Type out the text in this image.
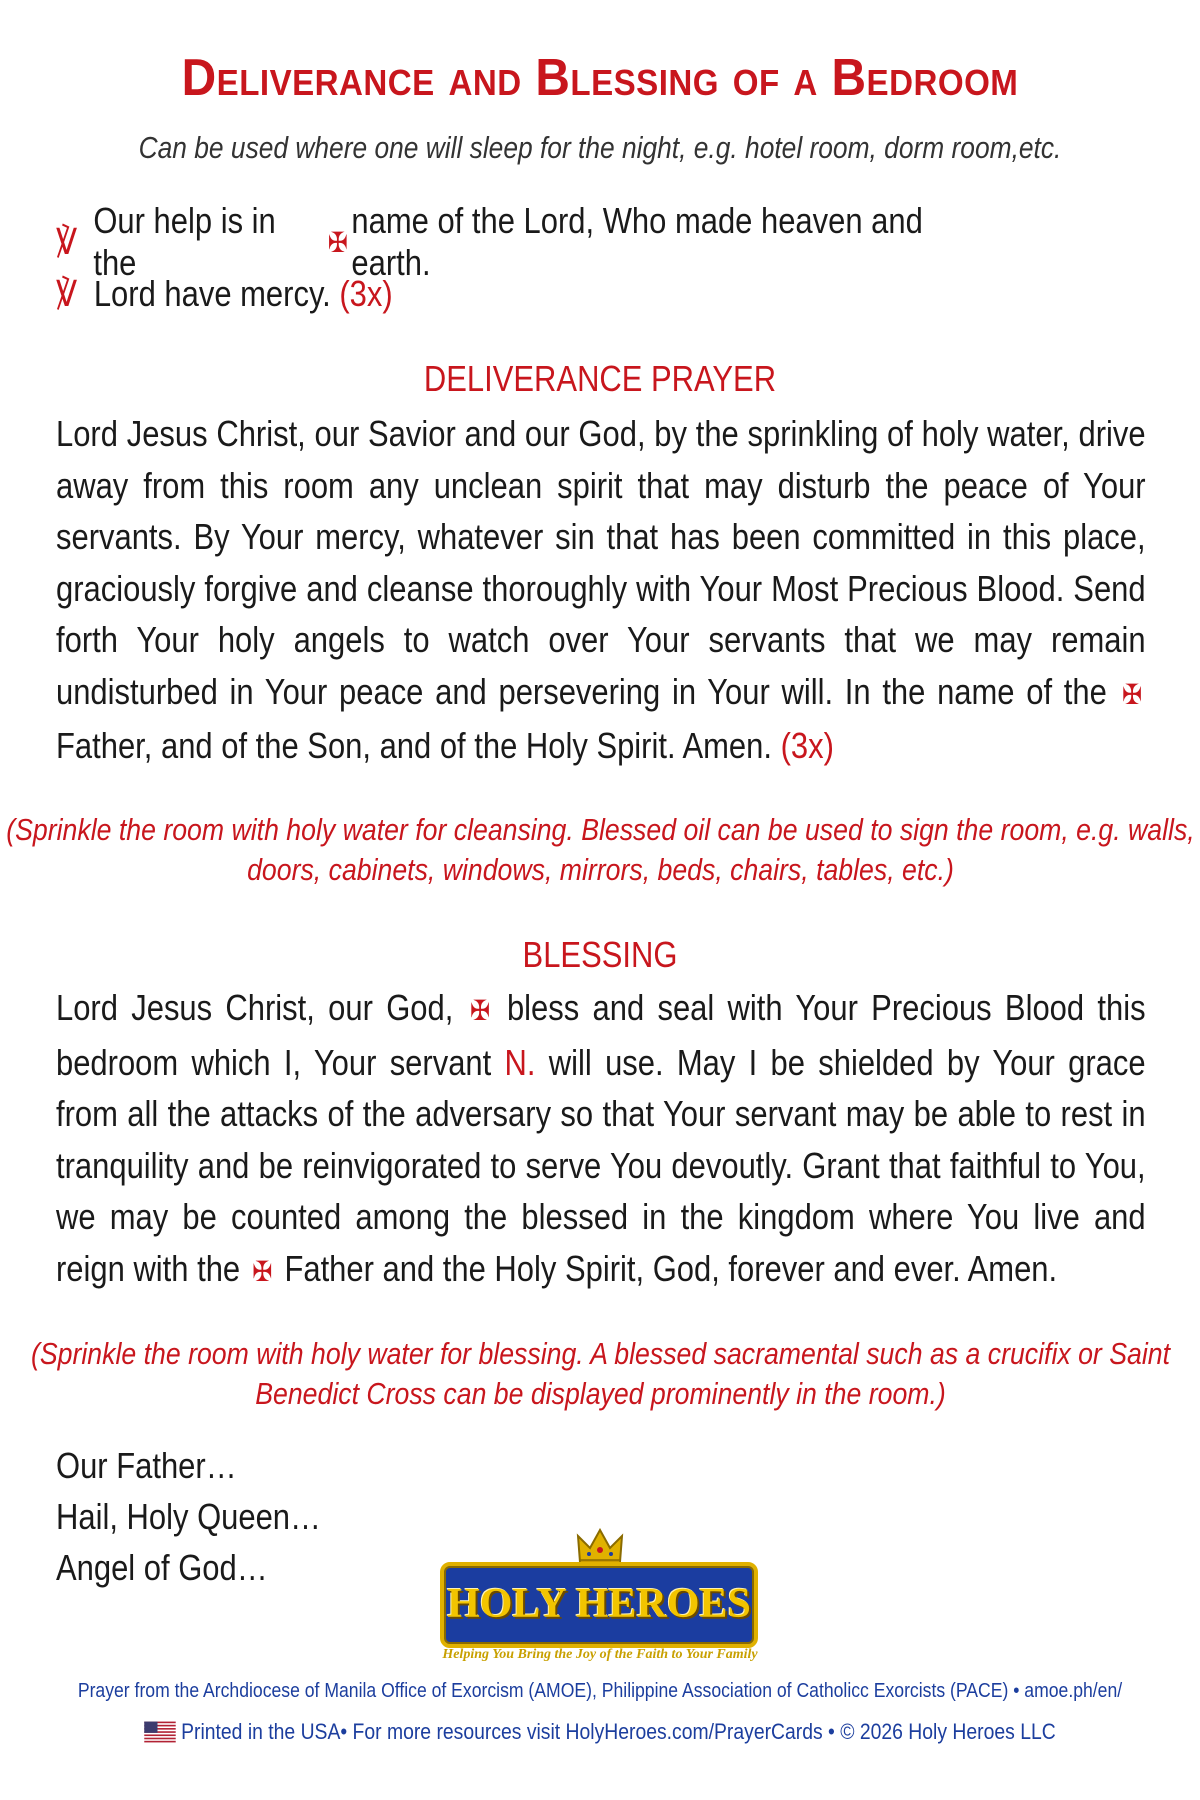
Deliverance and Blessing of a Bedroom
Can be used where one will sleep for the night, e.g. hotel room, dorm room,etc.
℣
Our help is in the	✠
name of the Lord, Who made heaven and earth.
℣ Lord have mercy. (3x)
DELIVERANCE PRAYER
Lord Jesus Christ, our Savior and our God, by the sprinkling of holy water, drive away from this room any unclean spirit that may disturb the peace of Your servants. By Your mercy, whatever sin that has been committed in this place, graciously forgive and cleanse thoroughly with Your Most Precious Blood. Send forth Your holy angels to watch over Your servants that we may remain undisturbed in Your peace and persevering in Your will. In the name of the ✠ Father, and of the Son, and of the Holy Spirit. Amen. (3x)
(Sprinkle the room with holy water for cleansing. Blessed oil can be used to sign the room, e.g. walls, doors, cabinets, windows, mirrors, beds, chairs, tables, etc.)
BLESSING
Lord Jesus Christ, our God, ✠ bless and seal with Your Precious Blood this bedroom which I, Your servant N. will use. May I be shielded by Your grace from all the attacks of the adversary so that Your servant may be able to rest in tranquility and be reinvigorated to serve You devoutly. Grant that faithful to You, we may be counted among the blessed in the kingdom where You live and reign with the ✠ Father and the Holy Spirit, God, forever and ever. Amen.
(Sprinkle the room with holy water for blessing. A blessed sacramental such as a crucifix or Saint Benedict Cross can be displayed prominently in the room.)
Our Father…
Hail, Holy Queen…
Angel of God…
HOLY HEROES
Helping You Bring the Joy of the Faith to Your Family
Prayer from the Archdiocese of Manila Office of Exorcism (AMOE), Philippine Association of Catholicc Exorcists (PACE) • amoe.ph/en/
Printed in the USA • For more resources visit HolyHeroes.com/PrayerCards • © 2026 Holy Heroes LLC
